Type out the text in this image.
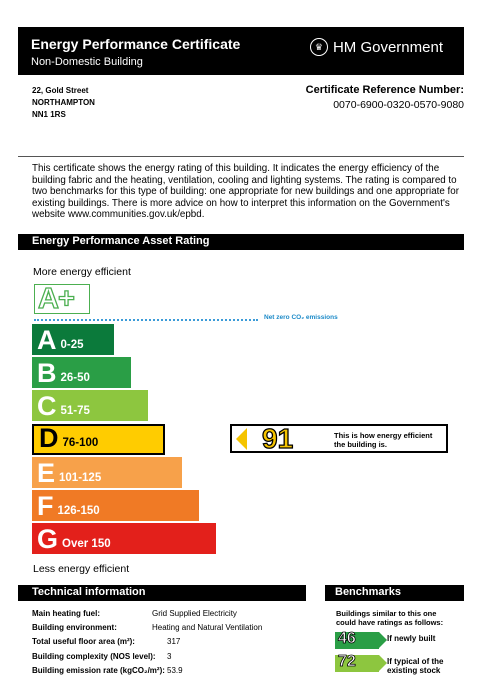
Energy Performance Certificate
Non-Domestic Building
♛ HM Government
22, Gold Street
NORTHAMPTON
NN1 1RS
Certificate Reference Number:
0070-6900-0320-0570-9080
This certificate shows the energy rating of this building. It indicates the energy efficiency of the building fabric and the heating, ventilation, cooling and lighting systems. The rating is compared to two benchmarks for this type of building: one appropriate for new buildings and one appropriate for existing buildings. There is more advice on how to interpret this information on the Government's website www.communities.gov.uk/epbd.
Energy Performance Asset Rating
More energy efficient
A+
Net zero CO₂ emissions
A 0-25
B 26-50
C 51-75
D 76-100
E 101-125
F 126-150
G Over 150
91	This is how energy efficient
the building is.
Less energy efficient
Technical information
Main heating fuel:	Grid Supplied Electricity
Building environment:	Heating and Natural Ventilation
Total useful floor area (m²):	317
Building complexity (NOS level): 3
Building emission rate (kgCO₂/m²): 53.9
Benchmarks
Buildings similar to this one
could have ratings as follows:
46	If newly built
72	If typical of the
existing stock
